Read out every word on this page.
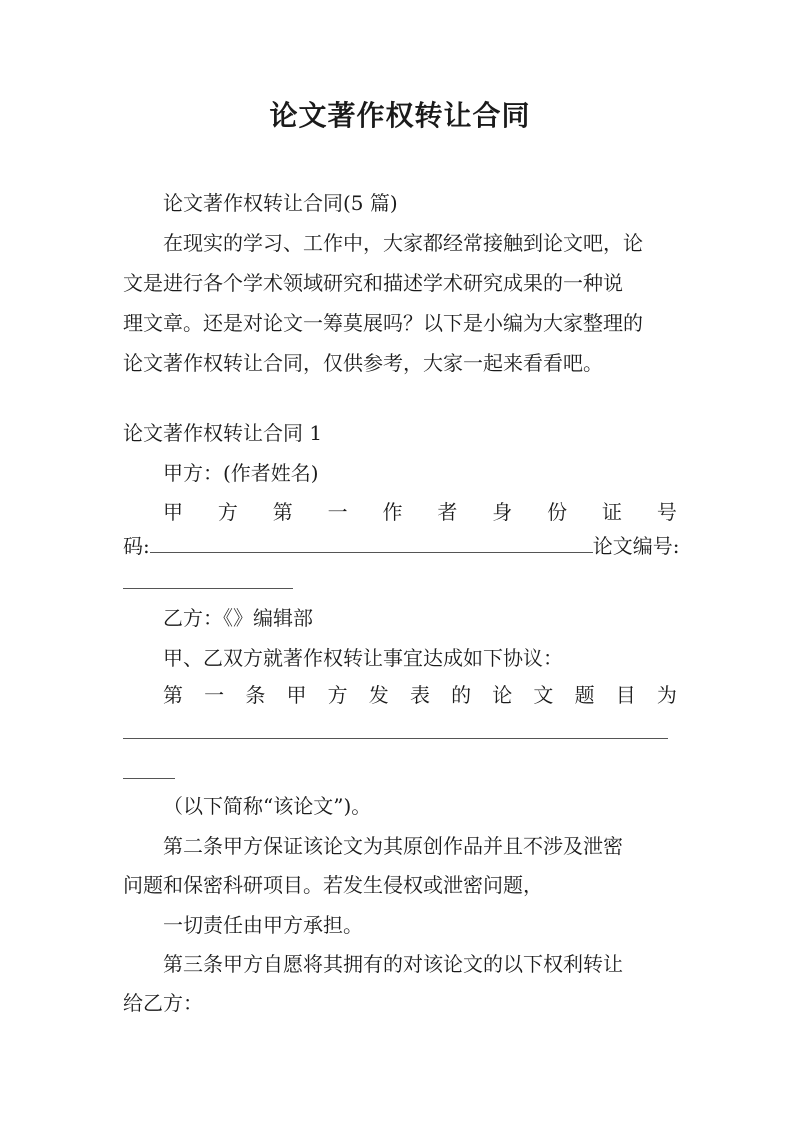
论文著作权转让合同
论文著作权转让合同(5 篇)
在现实的学习、工作中，大家都经常接触到论文吧，论
文是进行各个学术领域研究和描述学术研究成果的一种说
理文章。还是对论文一筹莫展吗？以下是小编为大家整理的
论文著作权转让合同，仅供参考，大家一起来看看吧。
论文著作权转让合同 1
甲方：(作者姓名)
甲 方 第 一 作 者 身 份 证 号
码:	论文编号:
乙方：《》编辑部
甲、乙双方就著作权转让事宜达成如下协议：
第 一 条 甲 方 发 表 的 论 文 题 目 为
（以下简称“该论文”)。
第二条甲方保证该论文为其原创作品并且不涉及泄密
问题和保密科研项目。若发生侵权或泄密问题，
一切责任由甲方承担。
第三条甲方自愿将其拥有的对该论文的以下权利转让
给乙方：
